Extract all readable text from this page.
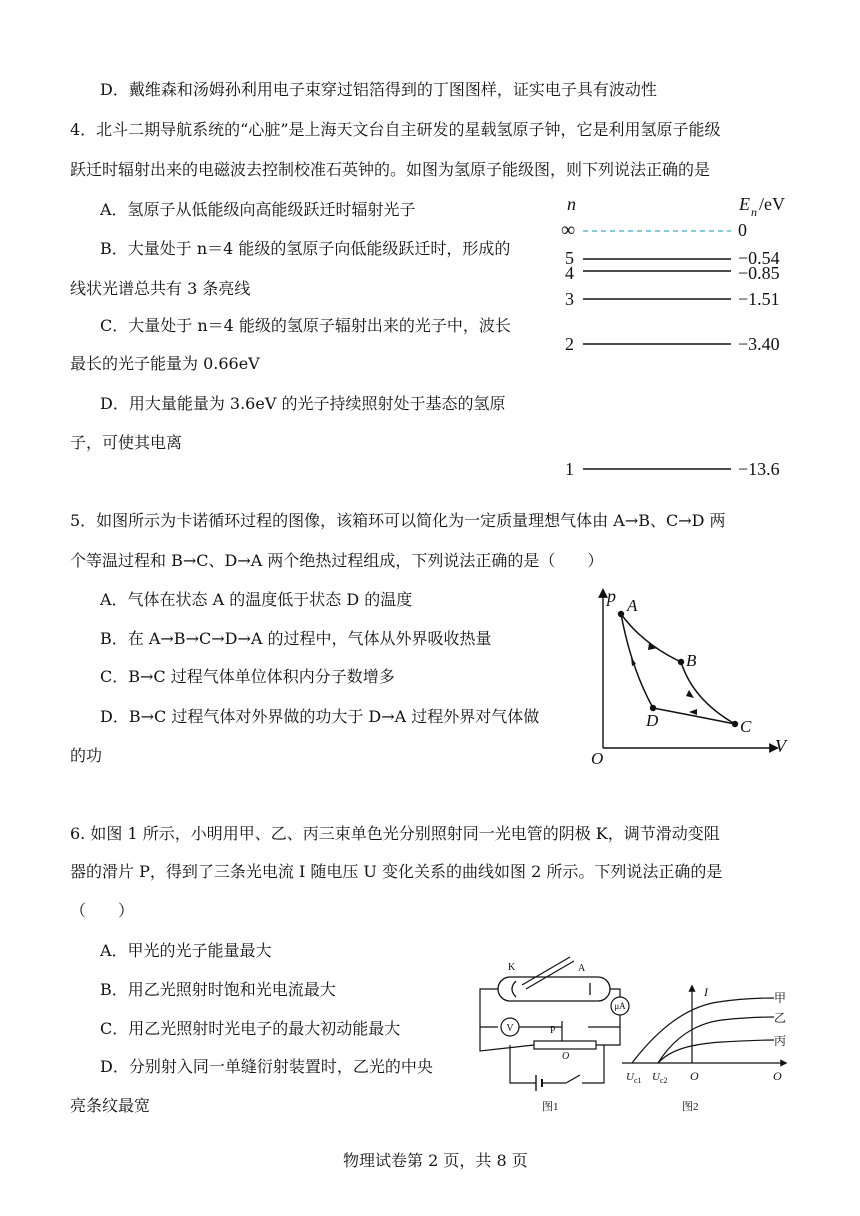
D．戴维森和汤姆孙利用电子束穿过铝箔得到的丁图图样，证实电子具有波动性
4．北斗二期导航系统的“心脏”是上海天文台自主研发的星载氢原子钟，它是利用氢原子能级
跃迁时辐射出来的电磁波去控制校准石英钟的。如图为氢原子能级图，则下列说法正确的是
A．氢原子从低能级向高能级跃迁时辐射光子
B．大量处于 n＝4 能级的氢原子向低能级跃迁时，形成的
线状光谱总共有 3 条亮线
C．大量处于 n＝4 能级的氢原子辐射出来的光子中，波长
最长的光子能量为 0.66eV
D．用大量能量为 3.6eV 的光子持续照射处于基态的氢原
子，可使其电离
n	E n /eV
∞	0
5	−0.54
4	−0.85
3	−1.51
2	−3.40
1	−13.6
5．如图所示为卡诺循环过程的图像，该箱环可以简化为一定质量理想气体由 A→B、C→D 两
个等温过程和 B→C、D→A 两个绝热过程组成，下列说法正确的是（　　）
A．气体在状态 A 的温度低于状态 D 的温度
B．在 A→B→C→D→A 的过程中，气体从外界吸收热量
C．B→C 过程气体单位体积内分子数增多
D．B→C 过程气体对外界做的功大于 D→A 过程外界对气体做
的功
p
V
O
A
B
C
D
6. 如图 1 所示，小明用甲、乙、丙三束单色光分别照射同一光电管的阴极 K，调节滑动变阻
器的滑片 P，得到了三条光电流 I 随电压 U 变化关系的曲线如图 2 所示。下列说法正确的是
（　　）
A．甲光的光子能量最大
B．用乙光照射时饱和光电流最大
C．用乙光照射时光电子的最大初动能最大
D．分别射入同一单缝衍射装置时，乙光的中央
亮条纹最宽
K	A
μA
V	P
O
图1
I
O
O
甲
乙
丙
U c1 U c2
图2
物理试卷第 2 页，共 8 页
